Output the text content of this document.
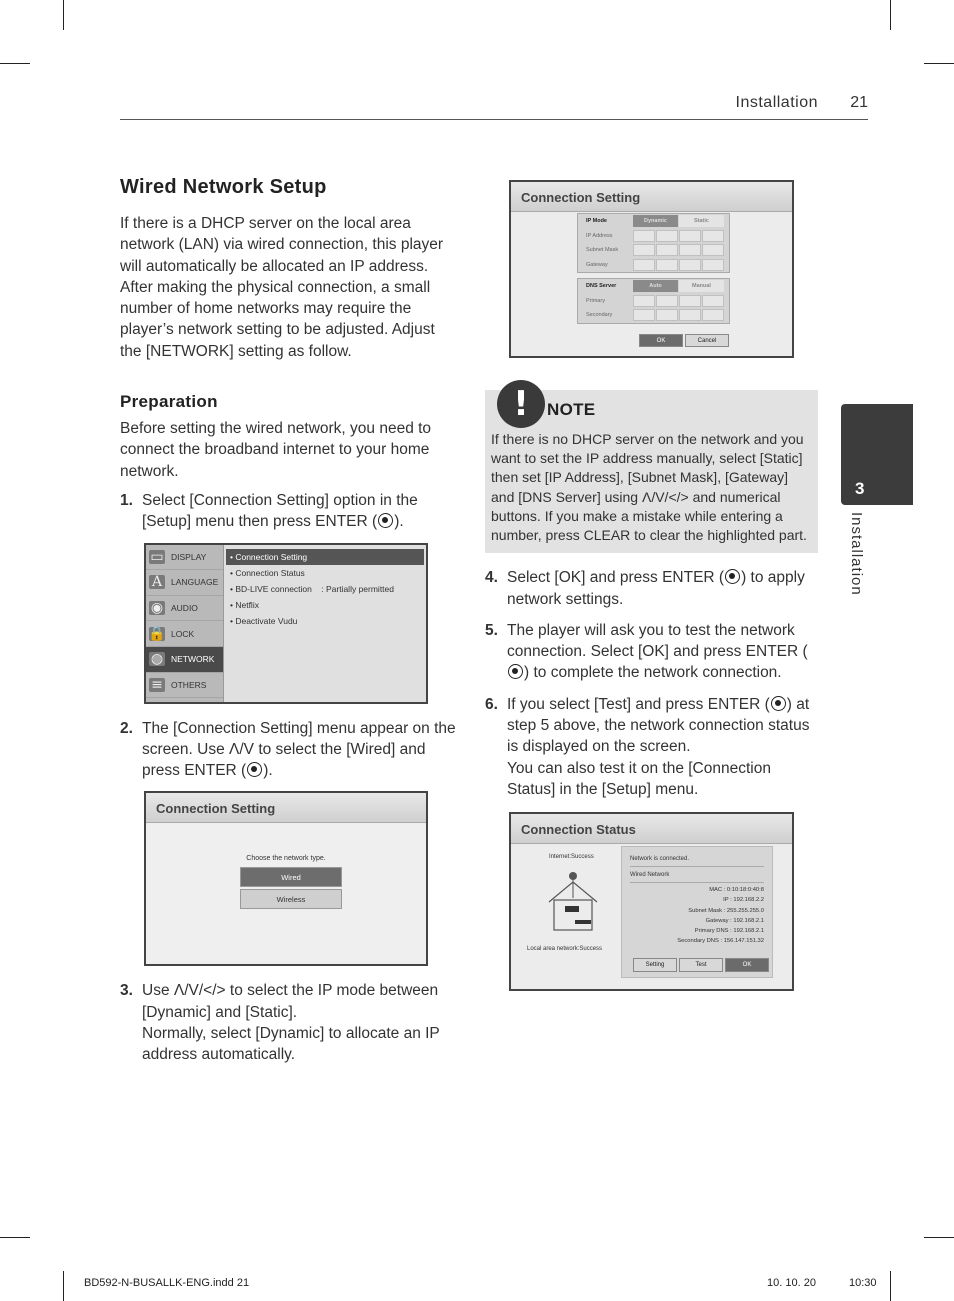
Installation 21
Wired Network Setup

If there is a DHCP server on the local area network (LAN) via wired connection, this player will automatically be allocated an IP address. After making the physical connection, a small number of home networks may require the player’s network setting to be adjusted. Adjust the [NETWORK] setting as follow.

Preparation

Before setting the wired network, you need to connect the broadband internet to your home network.

1. Select [Connection Setting] option in the [Setup] menu then press ENTER ( ).
▭ DISPLAY
A	LANGUAGE
◉ AUDIO
🔒 LOCK
◍ NETWORK
≡ OTHERS
• Connection Setting
• Connection Status
• BD-LIVE connection : Partially permitted
• Netflix
• Deactivate Vudu
2. The [Connection Setting] menu appear on the screen. Use Λ/V to select the [Wired] and press ENTER ( ).
Connection Setting
Choose the network type.
Wired
Wireless
3. Use Λ/V/</> to select the IP mode between [Dynamic] and [Static].
Normally, select [Dynamic] to allocate an IP address automatically.
Connection Setting
IP Mode	Dynamic	Static
IP Address
Subnet Mask
Gateway
DNS Server	Auto	Manual
Primary
Secondary
OK	Cancel
!	NOTE

If there is no DHCP server on the network and you want to set the IP address manually, select [Static] then set [IP Address], [Subnet Mask], [Gateway] and [DNS Server] using Λ/V/</> and numerical buttons. If you make a mistake while entering a number, press CLEAR to clear the highlighted part.

4. Select [OK] and press ENTER ( ) to apply network settings.
5. The player will ask you to test the network connection. Select [OK] and press ENTER () to complete the network connection.
6. If you select [Test] and press ENTER ( ) at step 5 above, the network connection status is displayed on the screen.
You can also test it on the [Connection Status] in the [Setup] menu.
Connection Status
Internet:Success
Local area network:Success
Network is connected.
Wired Network
MAC : 0:10:18:0:40:8
IP : 192.168.2.2
Subnet Mask : 255.255.255.0
Gateway : 192.168.2.1
Primary DNS : 192.168.2.1
Secondary DNS : 156.147.151.32
Setting	Test	OK
3
Installation
BD592-N-BUSALLK-ENG.indd 21	10. 10. 20	10:30
